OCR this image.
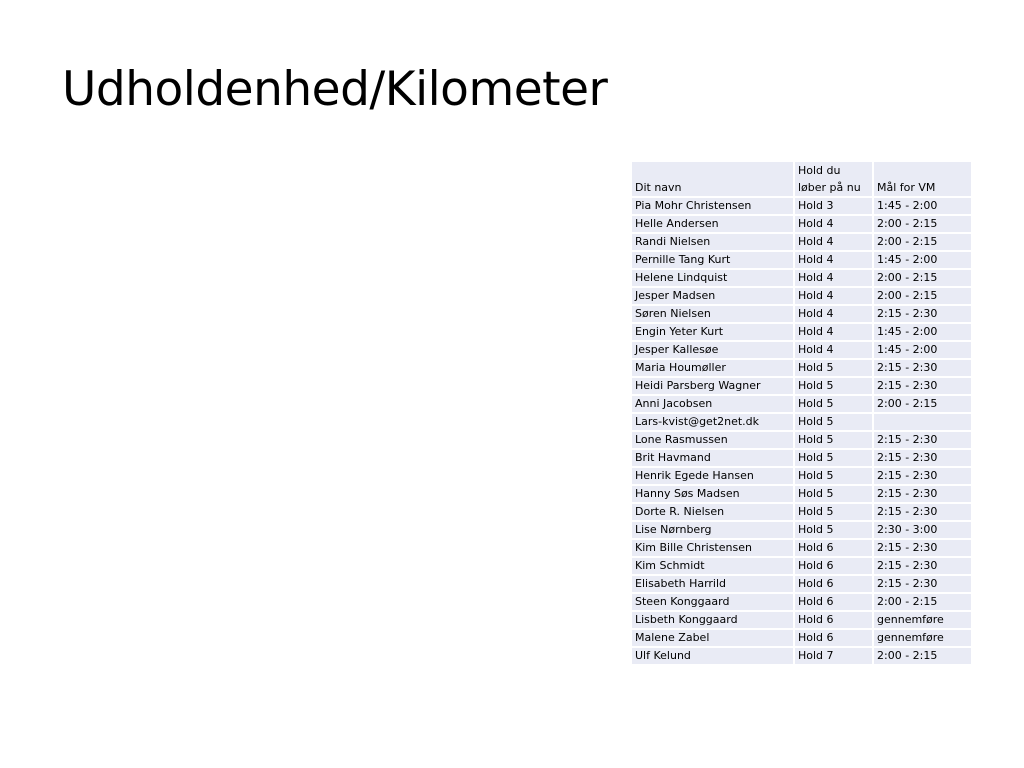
Udholdenhed/Kilometer
Dit navn	Hold du løber på nu	Mål for VM
Pia Mohr Christensen	Hold 3	1:45 - 2:00
Helle Andersen	Hold 4	2:00 - 2:15
Randi Nielsen	Hold 4	2:00 - 2:15
Pernille Tang Kurt	Hold 4	1:45 - 2:00
Helene Lindquist	Hold 4	2:00 - 2:15
Jesper Madsen	Hold 4	2:00 - 2:15
Søren Nielsen	Hold 4	2:15 - 2:30
Engin Yeter Kurt	Hold 4	1:45 - 2:00
Jesper Kallesøe	Hold 4	1:45 - 2:00
Maria Houmøller	Hold 5	2:15 - 2:30
Heidi Parsberg Wagner	Hold 5	2:15 - 2:30
Anni Jacobsen	Hold 5	2:00 - 2:15
Lars-kvist@get2net.dk	Hold 5	
Lone Rasmussen	Hold 5	2:15 - 2:30
Brit Havmand	Hold 5	2:15 - 2:30
Henrik Egede Hansen	Hold 5	2:15 - 2:30
Hanny Søs Madsen	Hold 5	2:15 - 2:30
Dorte R. Nielsen	Hold 5	2:15 - 2:30
Lise Nørnberg	Hold 5	2:30 - 3:00
Kim Bille Christensen	Hold 6	2:15 - 2:30
Kim Schmidt	Hold 6	2:15 - 2:30
Elisabeth Harrild	Hold 6	2:15 - 2:30
Steen Konggaard	Hold 6	2:00 - 2:15
Lisbeth Konggaard	Hold 6	gennemføre
Malene Zabel	Hold 6	gennemføre
Ulf Kelund	Hold 7	2:00 - 2:15
